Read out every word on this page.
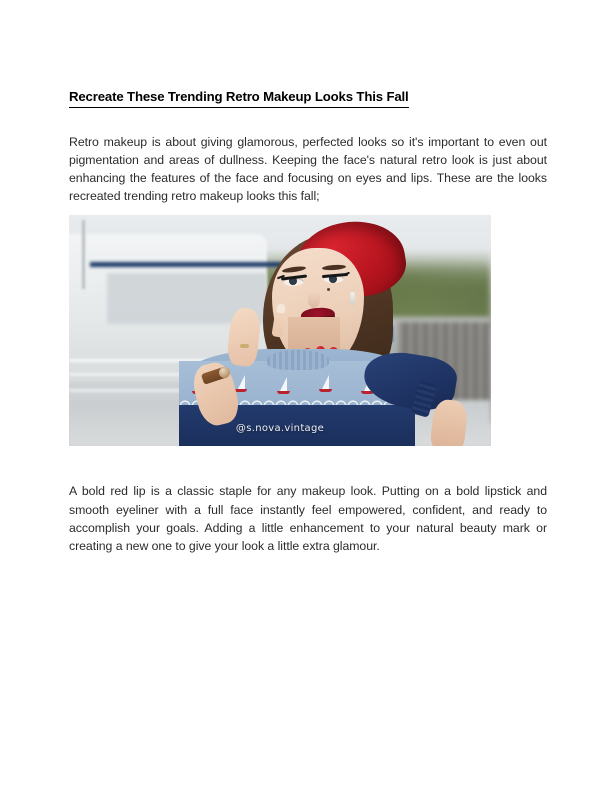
Recreate These Trending Retro Makeup Looks This Fall

Retro makeup is about giving glamorous, perfected looks so it's important to even out pigmentation and areas of dullness. Keeping the face's natural retro look is just about enhancing the features of the face and focusing on eyes and lips. These are the looks recreated trending retro makeup looks this fall;

@s.nova.vintage

A bold red lip is a classic staple for any makeup look. Putting on a bold lipstick and smooth eyeliner with a full face instantly feel empowered, confident, and ready to accomplish your goals. Adding a little enhancement to your natural beauty mark or creating a new one to give your look a little extra glamour.
